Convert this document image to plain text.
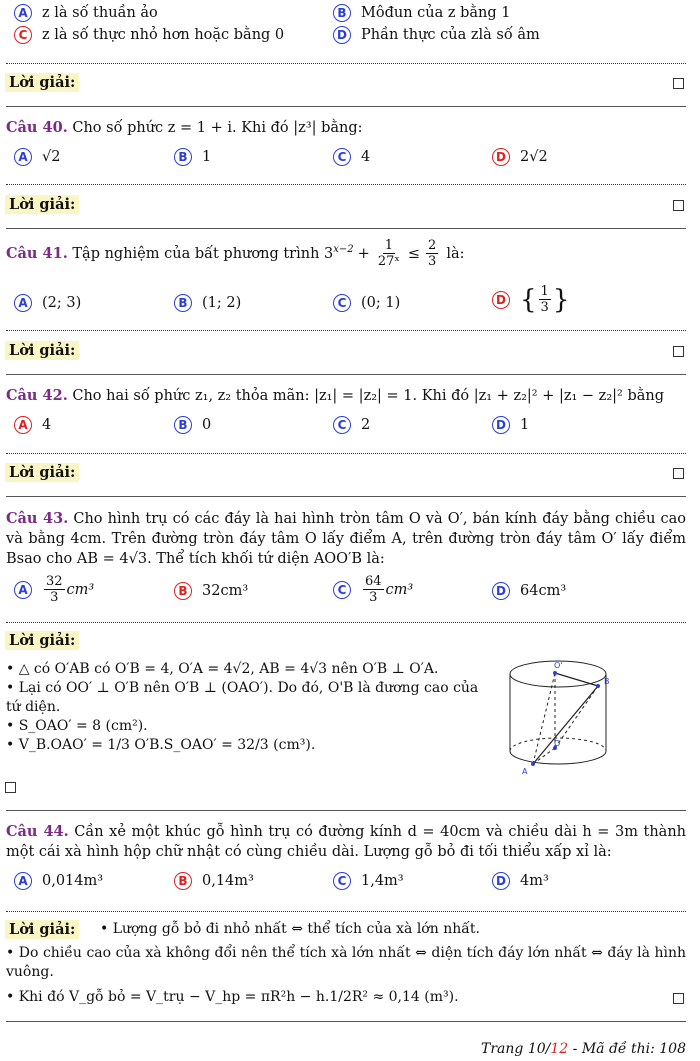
A z là số thuần ảo	B Môđun của z bằng 1
C	z là số thực nhỏ hơn hoặc bằng 0	D Phần thực của zlà số âm
Lời giải:
Câu 40. Cho số phức z = 1 + i. Khi đó |z³| bằng:
A √2	B 1	C	4	D 2√2
Lời giải:
Câu 41.
Tập nghiệm của bất phương trình $3^{x-2} + \frac{1}{\text{27ˣ}} \le \frac{2}{3}$ là:
A (2; 3)	B (1; 2)	C	(0; 1)	D { $\frac{1}{3}$ }
Lời giải:
Câu 42. Cho hai số phức z₁, z₂ thỏa mãn: |z₁| = |z₂| = 1. Khi đó |z₁ + z₂|² + |z₁ − z₂|² bằng
A 4	B 0	C	2	D 1
Lời giải:
Câu 43. Cho hình trụ có các đáy là hai hình tròn tâm O và O′, bán kính đáy bằng chiều cao và bằng 4cm. Trên đường tròn đáy tâm O lấy điểm A, trên đường tròn đáy tâm O′ lấy điểm Bsao cho AB = 4√3. Thể tích khối tứ diện AOO′B là:
A	$\frac{32}{3} cm^3$	B 32cm³	C	$\frac{64}{3} cm^3$	D 64cm³
Lời giải:
• △ có O′AB có O′B = 4, O′A = 4√2, AB = 4√3 nên O′B ⊥ O′A.
• Lại có OO′ ⊥ O′B nên O′B ⊥ (OAO′). Do đó, O'B là đương cao của tứ diện.
• S_OAO′ = 8 (cm²).
• V_B.OAO′ = 1/3 O′B.S_OAO′ = 32/3 (cm³).
O'
B
O
A
Câu 44. Cần xẻ một khúc gỗ hình trụ có đường kính d = 40cm và chiều dài h = 3m thành một cái xà hình hộp chữ nhật có cùng chiều dài. Lượng gỗ bỏ đi tối thiểu xấp xỉ là:
A 0,014m³	B 0,14m³	C	1,4m³	D 4m³
Lời giải: • Lượng gỗ bỏ đi nhỏ nhất ⇔ thể tích của xà lớn nhất.
• Do chiều cao của xà không đổi nên thể tích xà lớn nhất ⇔ diện tích đáy lớn nhất ⇔ đáy là hình vuông.
• Khi đó V_gỗ bỏ = V_trụ − V_hp = πR²h − h.1/2R² ≈ 0,14 (m³).
Trang 10/12 - Mã đề thi: 108
